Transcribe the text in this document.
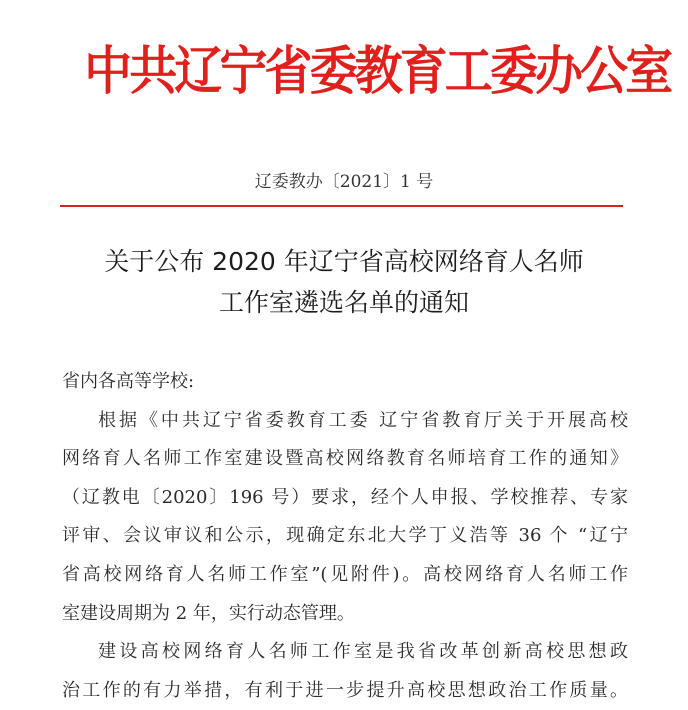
中共辽宁省委教育工委办公室
辽委教办〔2021〕1 号
关于公布 2020 年辽宁省高校网络育人名师
工作室遴选名单的通知
省内各高等学校:
根据《中共辽宁省委教育工委 辽宁省教育厅关于开展高校
网络育人名师工作室建设暨高校网络教育名师培育工作的通知》
（辽教电〔2020〕196 号）要求，经个人申报、学校推荐、专家
评审、会议审议和公示，现确定东北大学丁义浩等 36 个 “辽宁
省高校网络育人名师工作室”(见附件)。高校网络育人名师工作
室建设周期为 2 年，实行动态管理。
建设高校网络育人名师工作室是我省改革创新高校思想政
治工作的有力举措，有利于进一步提升高校思想政治工作质量。
